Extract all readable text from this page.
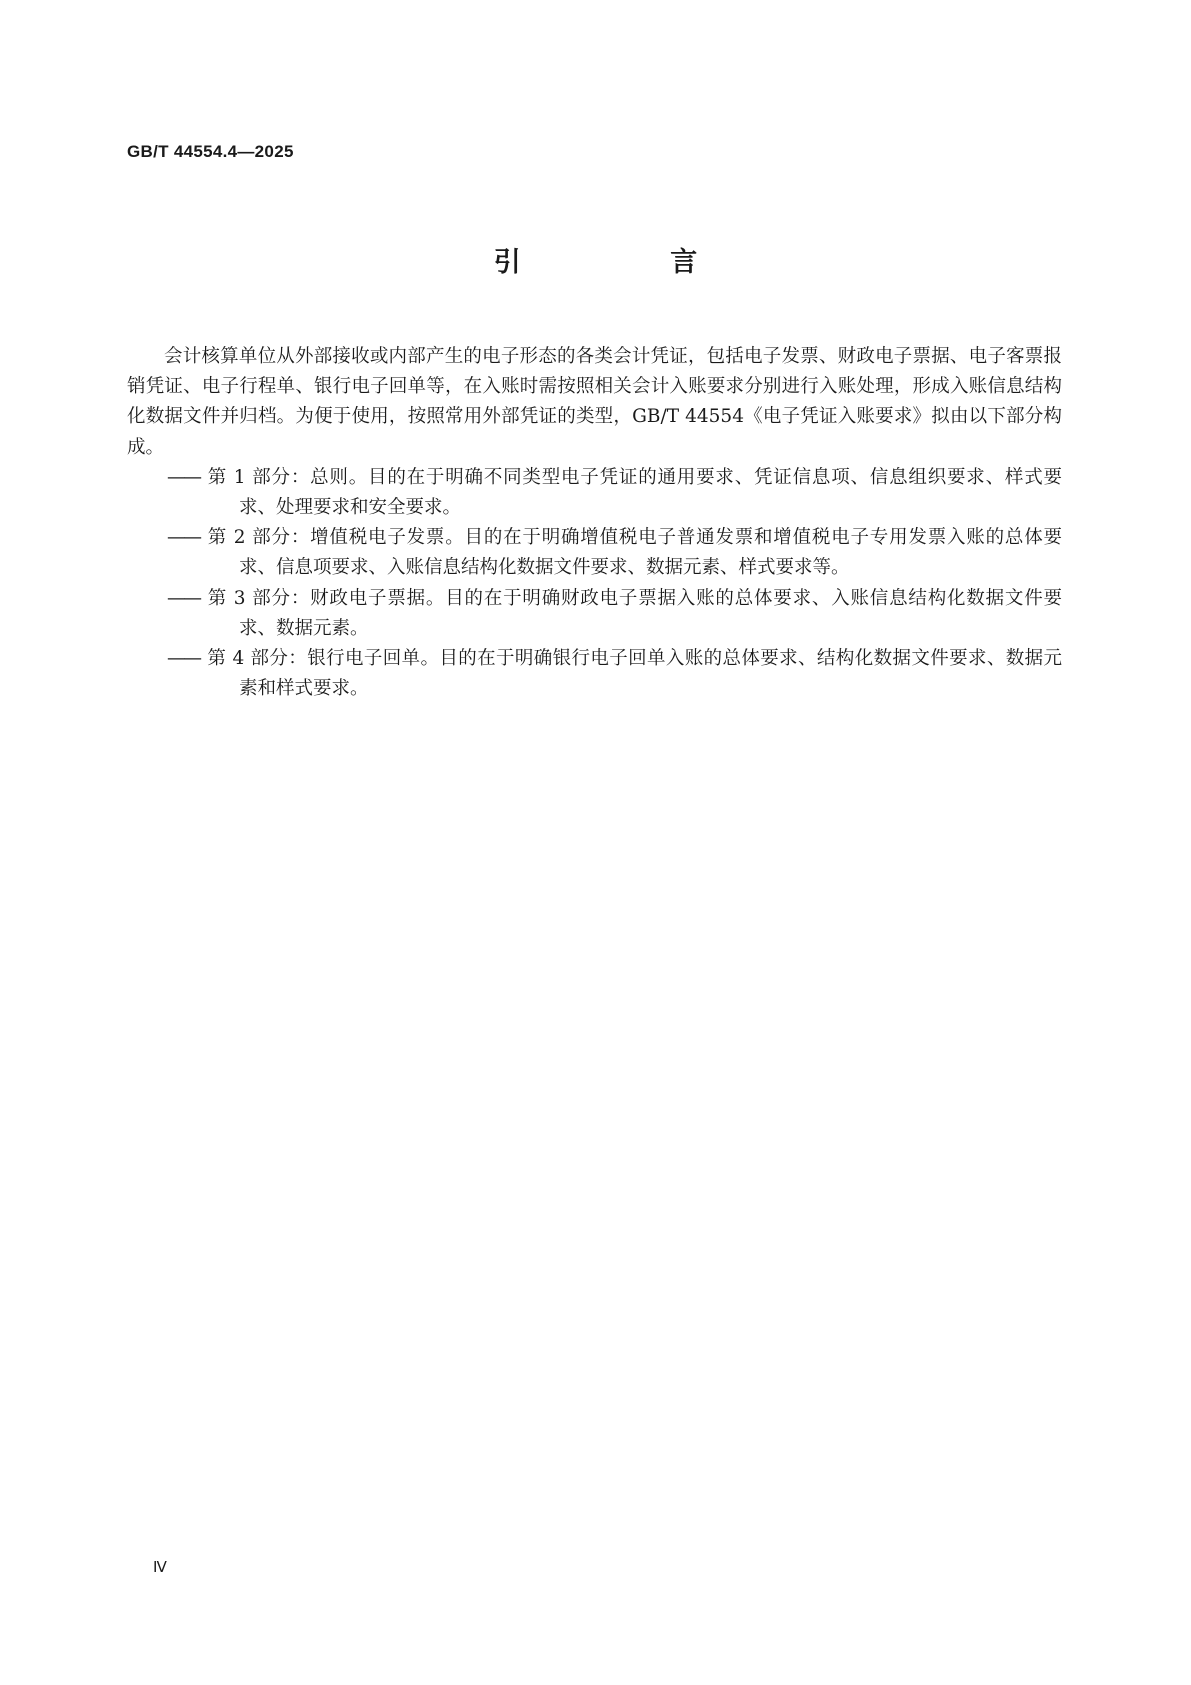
GB/T 44554.4—2025
引 言

会计核算单位从外部接收或内部产生的电子形态的各类会计凭证，包括电子发票、财政电子票据、电子客票报销凭证、电子行程单、银行电子回单等，在入账时需按照相关会计入账要求分别进行入账处理，形成入账信息结构化数据文件并归档。为便于使用，按照常用外部凭证的类型，GB/T 44554《电子凭证入账要求》拟由以下部分构成。

—— 第 1 部分：总则。目的在于明确不同类型电子凭证的通用要求、凭证信息项、信息组织要求、样式要求、处理要求和安全要求。
—— 第 2 部分：增值税电子发票。目的在于明确增值税电子普通发票和增值税电子专用发票入账的总体要求、信息项要求、入账信息结构化数据文件要求、数据元素、样式要求等。
—— 第 3 部分：财政电子票据。目的在于明确财政电子票据入账的总体要求、入账信息结构化数据文件要求、数据元素。
—— 第 4 部分：银行电子回单。目的在于明确银行电子回单入账的总体要求、结构化数据文件要求、数据元素和样式要求。
Ⅳ
